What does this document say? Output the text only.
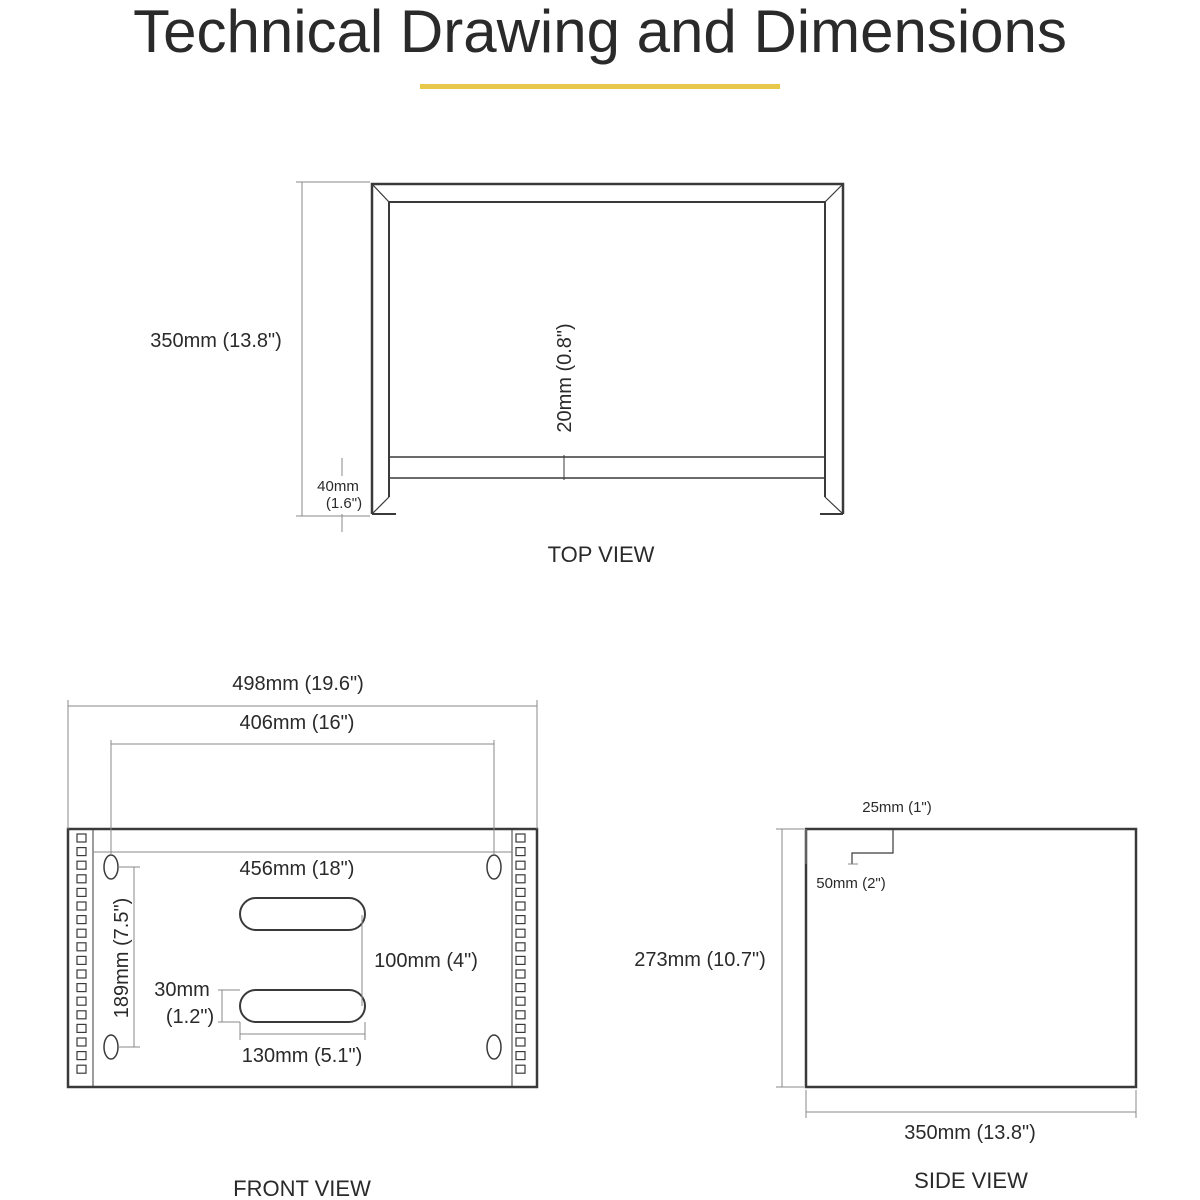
Technical Drawing and Dimensions
350mm (13.8")	20mm (0.8")
40mm
(1.6")
TOP VIEW
498mm (19.6")
406mm (16")
456mm (18")
189mm (7.5")	100mm (4")
30mm
(1.2")
130mm (5.1")
FRONT VIEW
273mm (10.7")
350mm (13.8")
25mm (1")
50mm (2")
SIDE VIEW
